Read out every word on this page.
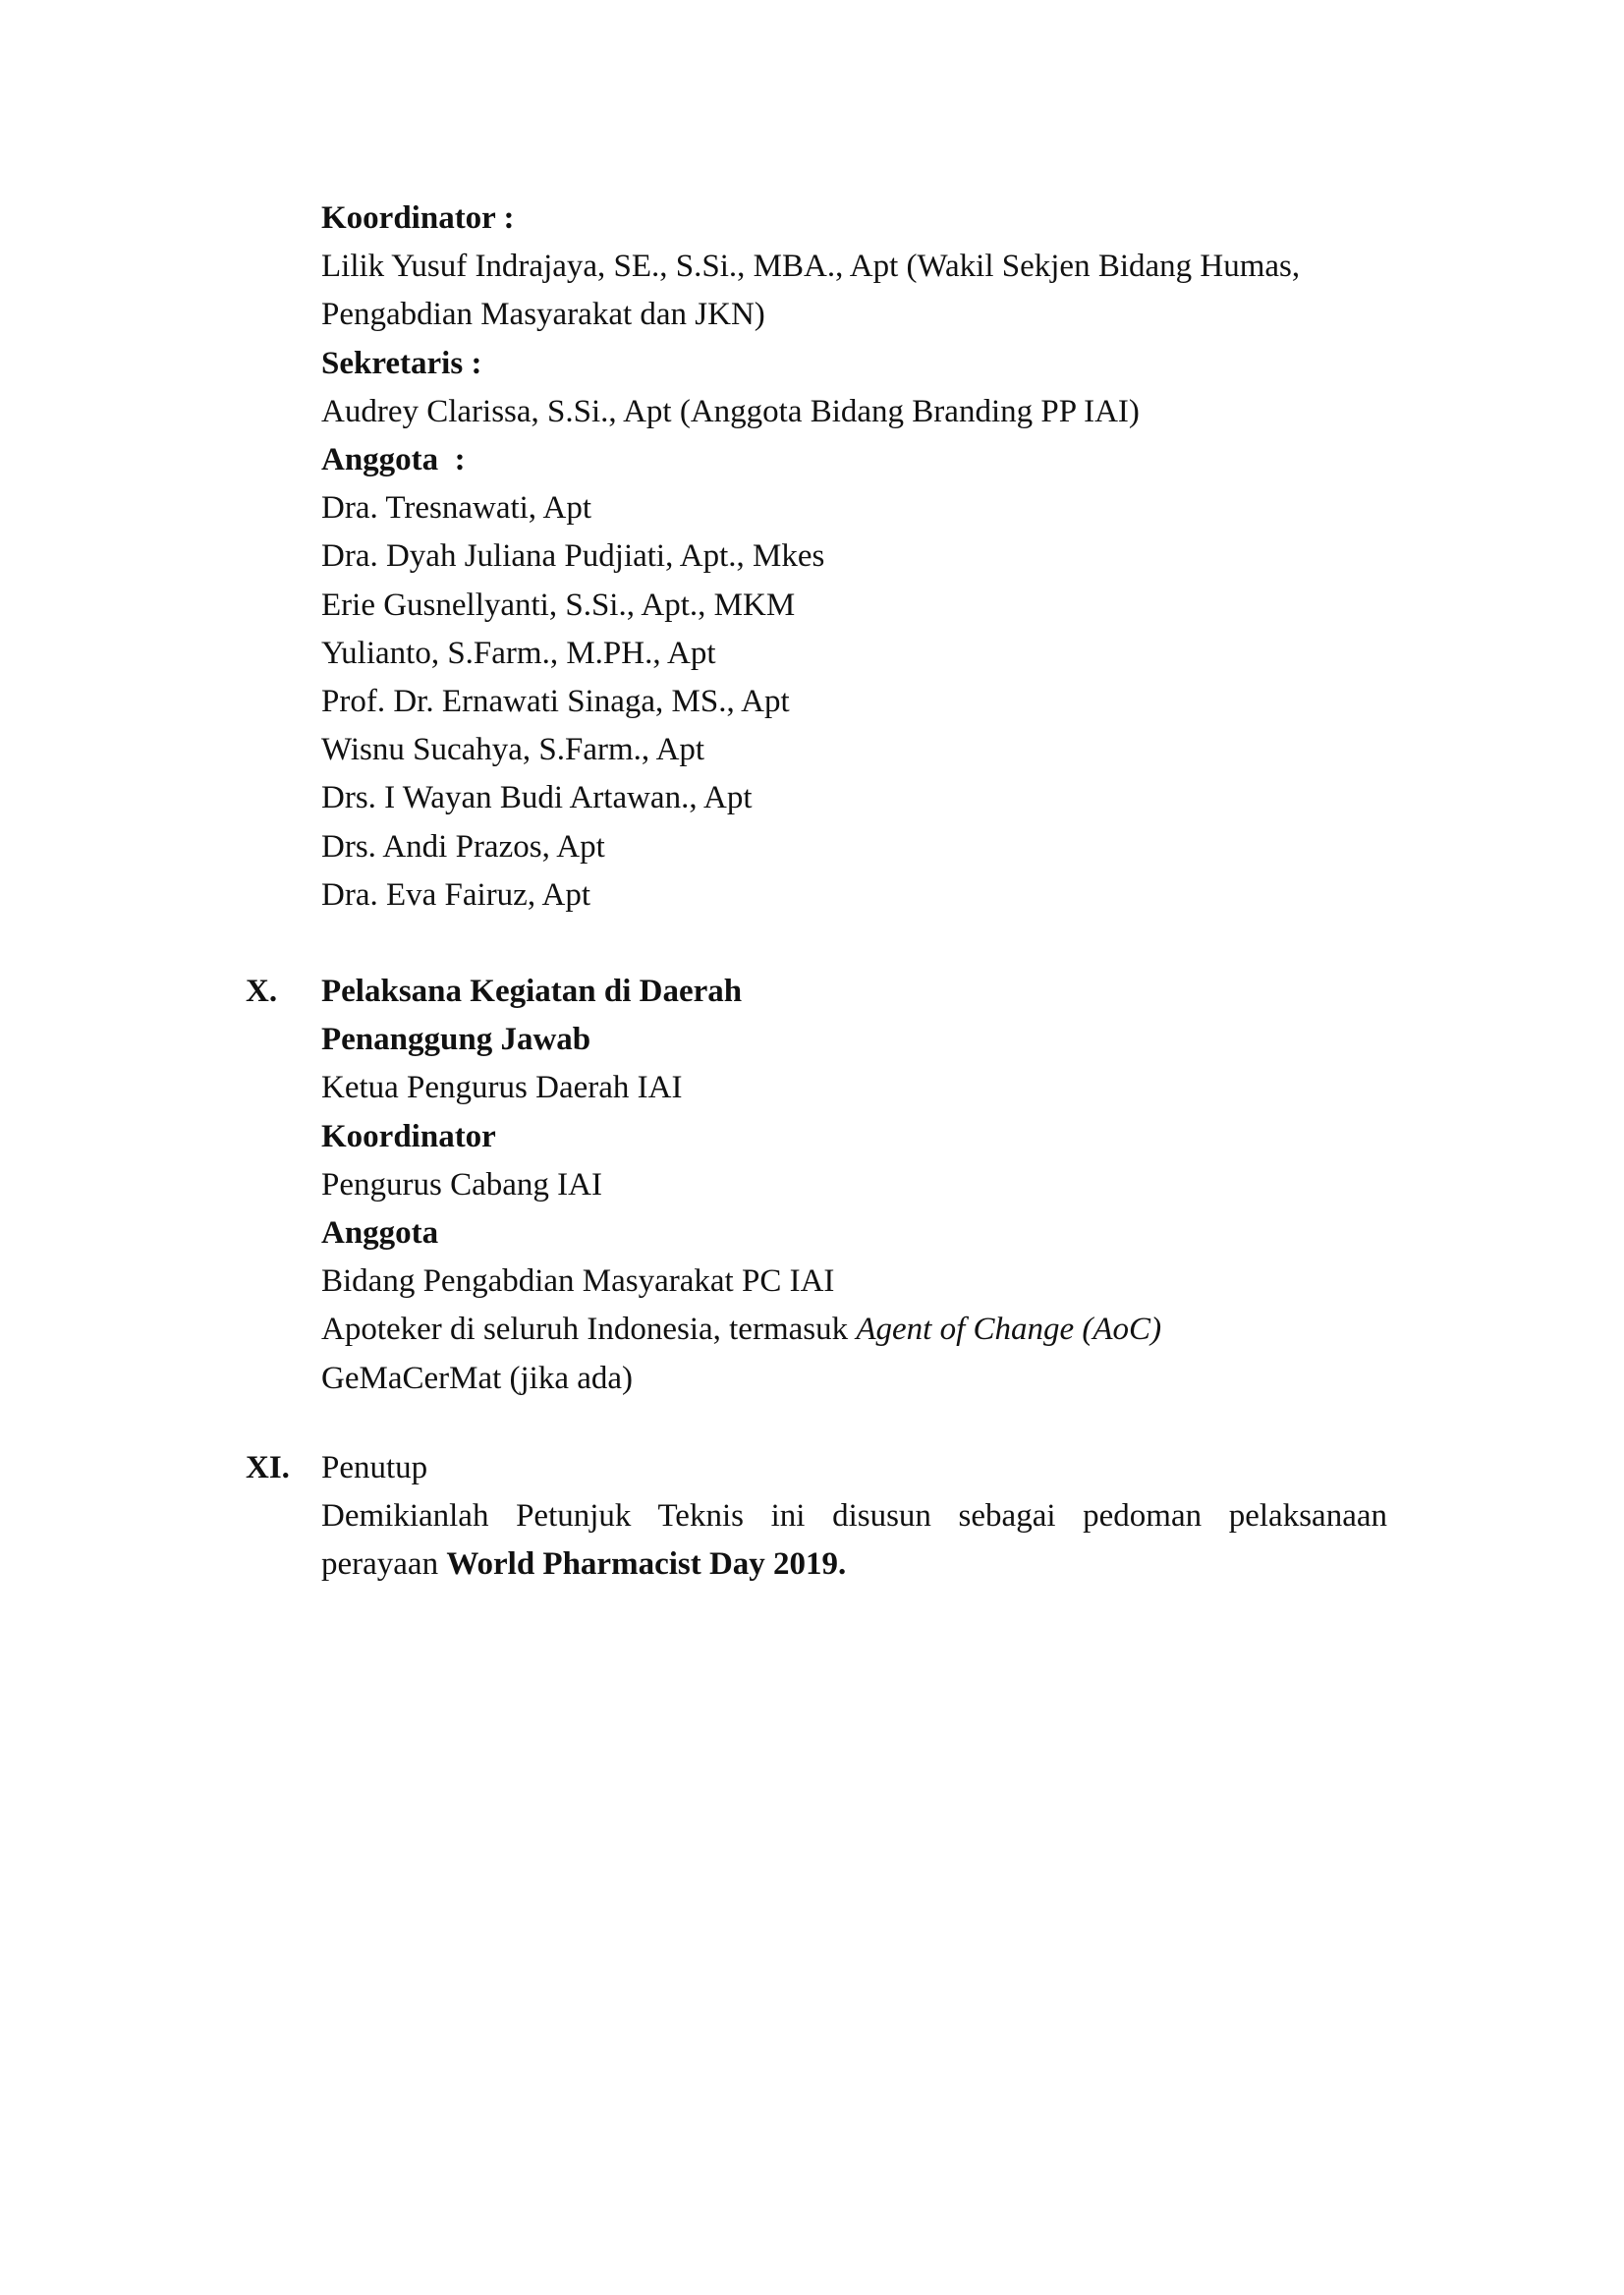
Koordinator :
Lilik Yusuf Indrajaya, SE., S.Si., MBA., Apt (Wakil Sekjen Bidang Humas,
Pengabdian Masyarakat dan JKN)
Sekretaris :
Audrey Clarissa, S.Si., Apt (Anggota Bidang Branding PP IAI)
Anggota  :
Dra. Tresnawati, Apt
Dra. Dyah Juliana Pudjiati, Apt., Mkes
Erie Gusnellyanti, S.Si., Apt., MKM
Yulianto, S.Farm., M.PH., Apt
Prof. Dr. Ernawati Sinaga, MS., Apt
Wisnu Sucahya, S.Farm., Apt
Drs. I Wayan Budi Artawan., Apt
Drs. Andi Prazos, Apt
Dra. Eva Fairuz, Apt
X. Pelaksana Kegiatan di Daerah
Penanggung Jawab
Ketua Pengurus Daerah IAI
Koordinator
Pengurus Cabang IAI
Anggota
Bidang Pengabdian Masyarakat PC IAI
Apoteker di seluruh Indonesia, termasuk Agent of Change (AoC)
GeMaCerMat (jika ada)
XI. Penutup
Demikianlah Petunjuk Teknis ini disusun sebagai pedoman pelaksanaan
perayaan World Pharmacist Day 2019.
